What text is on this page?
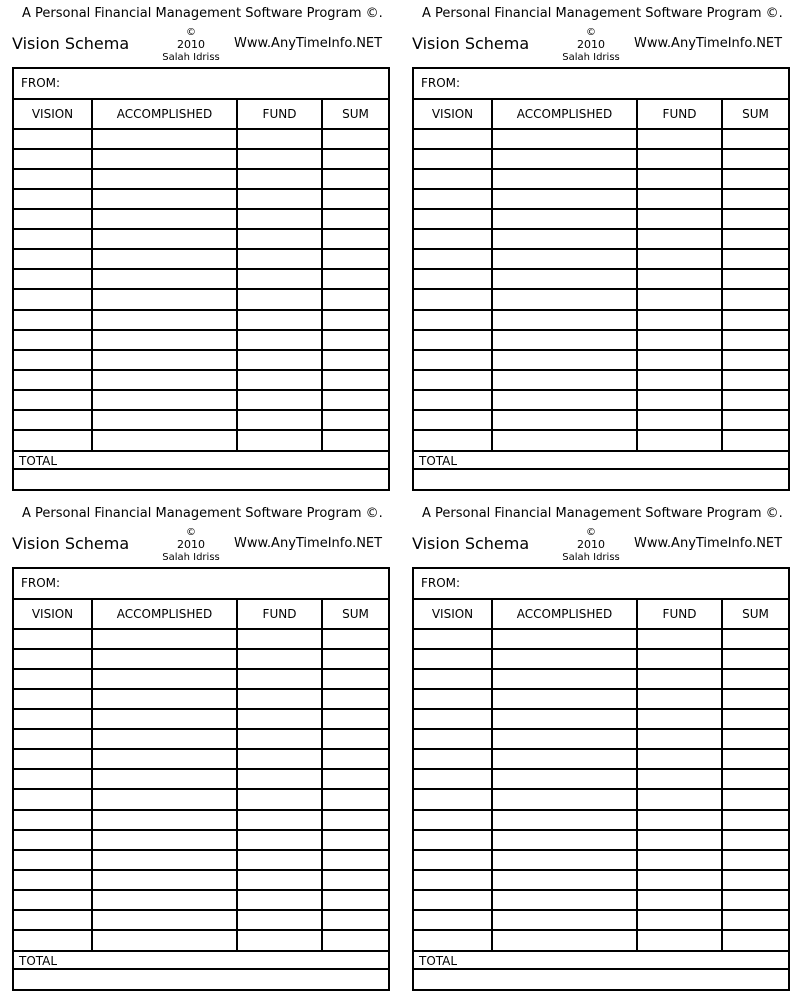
A Personal Financial Management Software Program ©.
Vision Schema
©
2010
Salah Idriss
Www.AnyTimeInfo.NET
FROM:
VISION	ACCOMPLISHED	FUND	SUM
TOTAL
A Personal Financial Management Software Program ©.
Vision Schema
©
2010
Salah Idriss
Www.AnyTimeInfo.NET
FROM:
VISION	ACCOMPLISHED	FUND	SUM
TOTAL
A Personal Financial Management Software Program ©.
Vision Schema
©
2010
Salah Idriss
Www.AnyTimeInfo.NET
FROM:
VISION	ACCOMPLISHED	FUND	SUM
TOTAL
A Personal Financial Management Software Program ©.
Vision Schema
©
2010
Salah Idriss
Www.AnyTimeInfo.NET
FROM:
VISION	ACCOMPLISHED	FUND	SUM
TOTAL
